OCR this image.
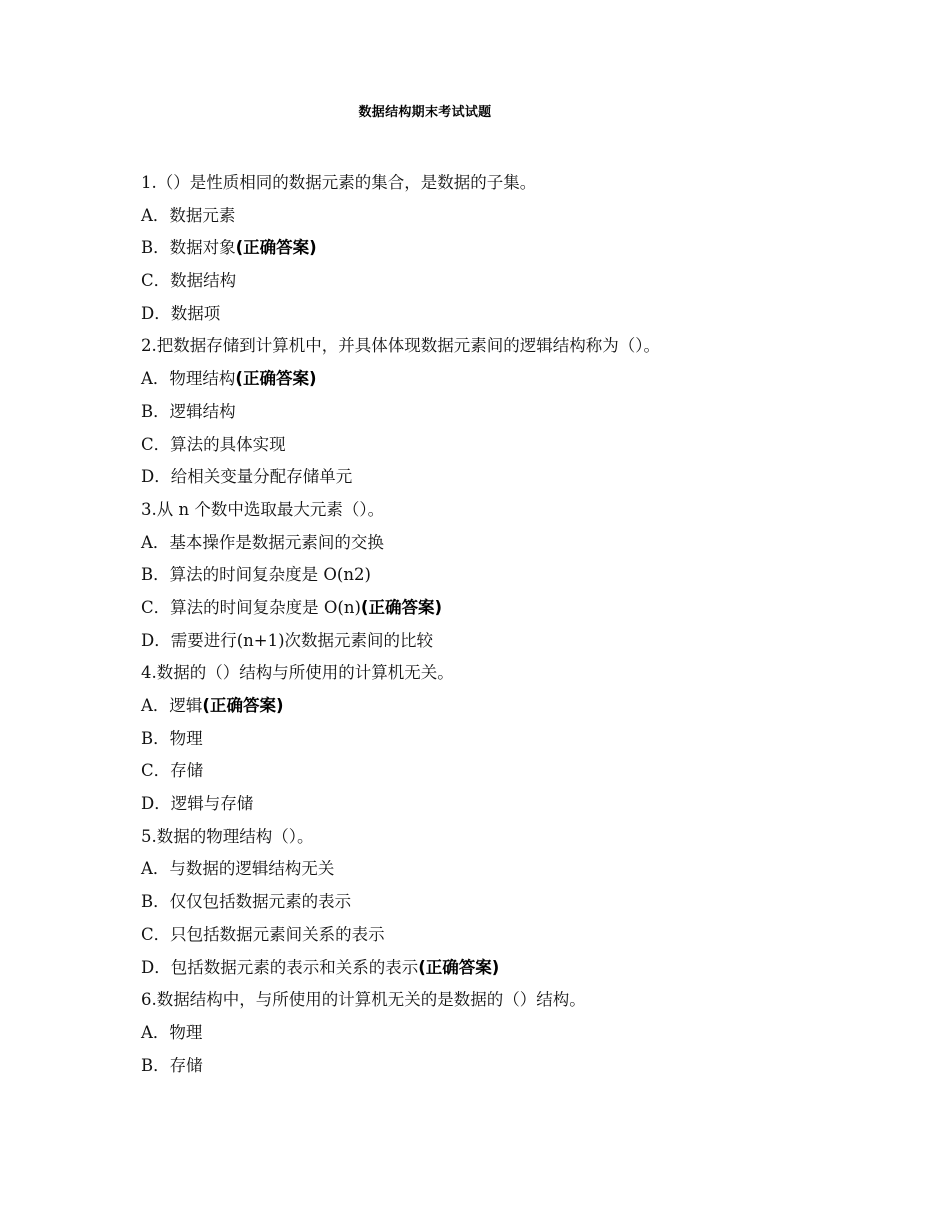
数据结构期末考试试题
1.（）是性质相同的数据元素的集合，是数据的子集。
A．数据元素
B．数据对象(正确答案)
C．数据结构
D．数据项
2.把数据存储到计算机中，并具体体现数据元素间的逻辑结构称为（）。
A．物理结构(正确答案)
B．逻辑结构
C．算法的具体实现
D．给相关变量分配存储单元
3.从 n 个数中选取最大元素（）。
A．基本操作是数据元素间的交换
B．算法的时间复杂度是 O(n2)
C．算法的时间复杂度是 O(n)(正确答案)
D．需要进行(n+1)次数据元素间的比较
4.数据的（）结构与所使用的计算机无关。
A．逻辑(正确答案)
B．物理
C．存储
D．逻辑与存储
5.数据的物理结构（）。
A．与数据的逻辑结构无关
B．仅仅包括数据元素的表示
C．只包括数据元素间关系的表示
D．包括数据元素的表示和关系的表示(正确答案)
6.数据结构中，与所使用的计算机无关的是数据的（）结构。
A．物理
B．存储
